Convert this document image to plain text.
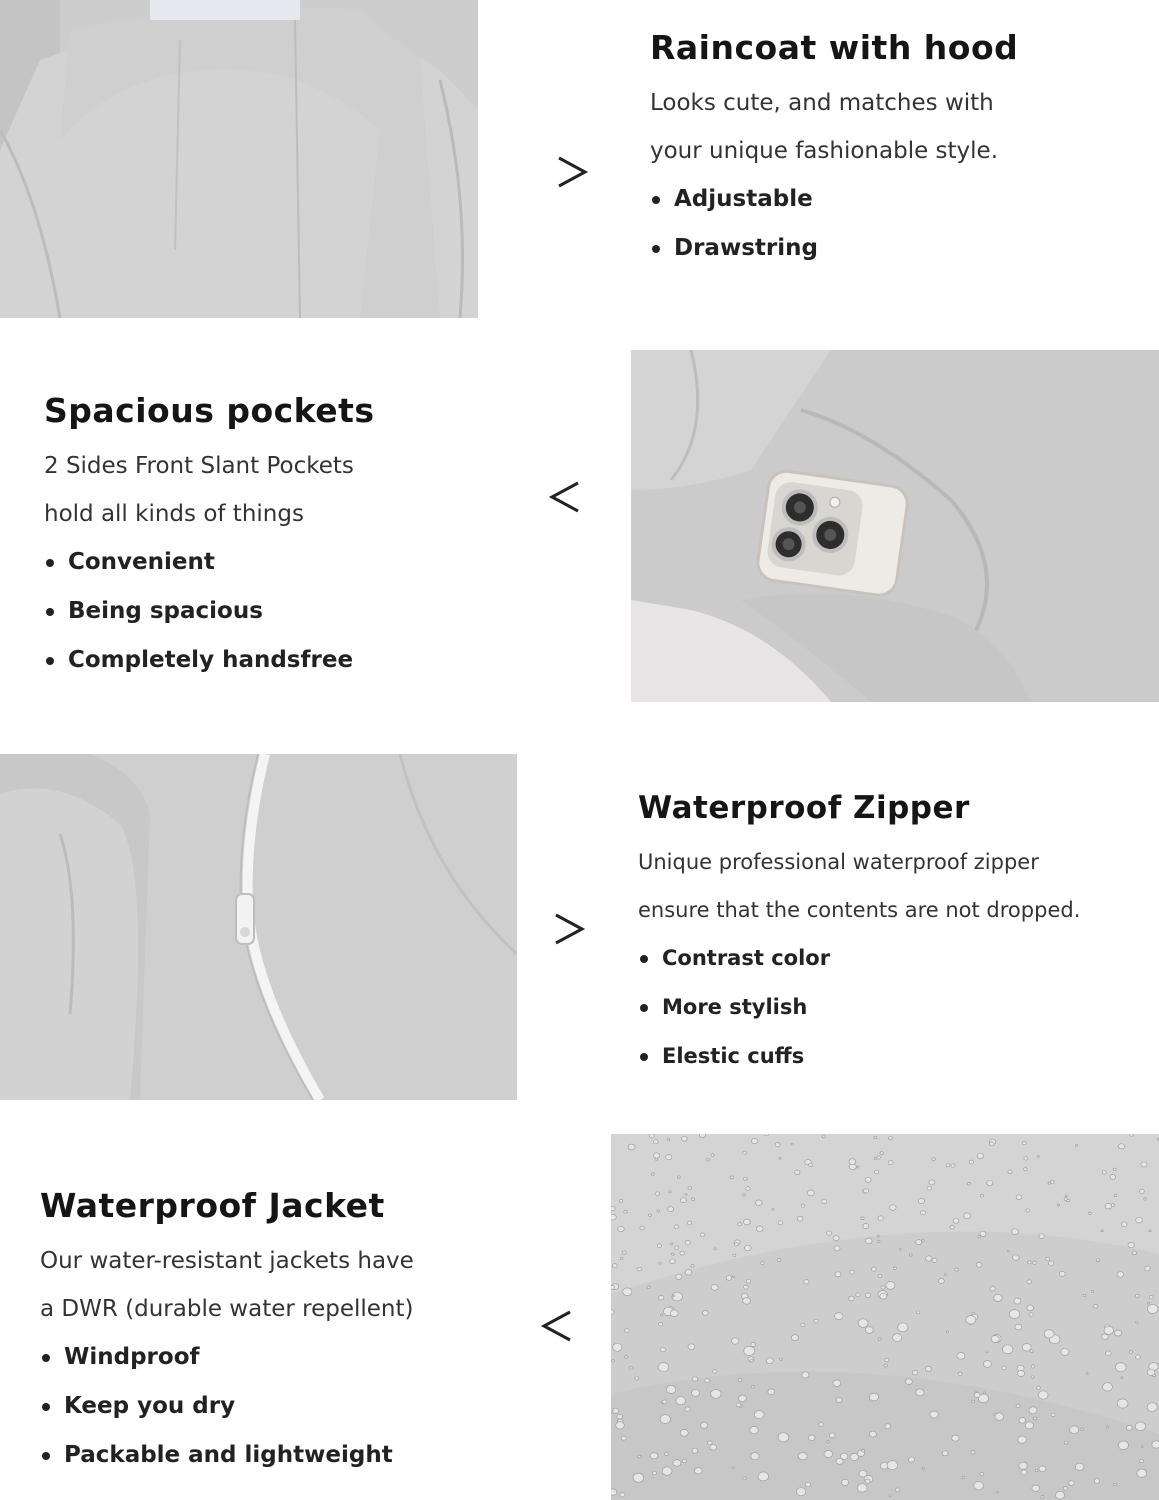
Raincoat with hood

Looks cute, and matches with

your unique fashionable style.

Adjustable
Drawstring
Spacious pockets

2 Sides Front Slant Pockets

hold all kinds of things

Convenient
Being spacious
Completely handsfree
Waterproof Zipper

Unique professional waterproof zipper

ensure that the contents are not dropped.

Contrast color
More stylish
Elestic cuffs
Waterproof Jacket

Our water-resistant jackets have

a DWR (durable water repellent)

Windproof
Keep you dry
Packable and lightweight
